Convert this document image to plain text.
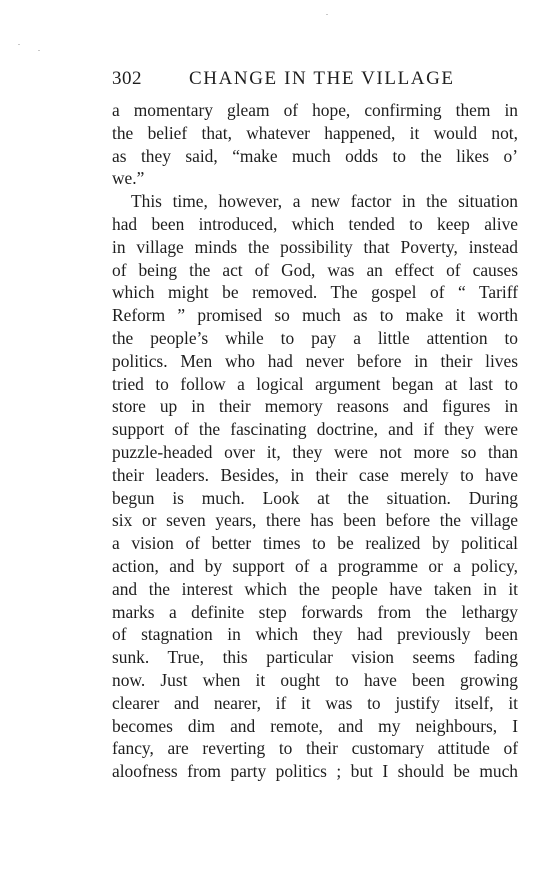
302 CHANGE IN THE VILLAGE
a momentary gleam of hope, confirming them in
the belief that, whatever happened, it would not,
as they said, “make much odds to the likes o’
we.”
This time, however, a new factor in the situation
had been introduced, which tended to keep alive
in village minds the possibility that Poverty, instead
of being the act of God, was an effect of causes
which might be removed. The gospel of “ Tariff
Reform ” promised so much as to make it worth
the people’s while to pay a little attention to
politics. Men who had never before in their lives
tried to follow a logical argument began at last to
store up in their memory reasons and figures in
support of the fascinating doctrine, and if they were
puzzle-headed over it, they were not more so than
their leaders. Besides, in their case merely to have
begun is much. Look at the situation. During
six or seven years, there has been before the village
a vision of better times to be realized by political
action, and by support of a programme or a policy,
and the interest which the people have taken in it
marks a definite step forwards from the lethargy
of stagnation in which they had previously been
sunk. True, this particular vision seems fading
now. Just when it ought to have been growing
clearer and nearer, if it was to justify itself, it
becomes dim and remote, and my neighbours, I
fancy, are reverting to their customary attitude of
aloofness from party politics ; but I should be much
